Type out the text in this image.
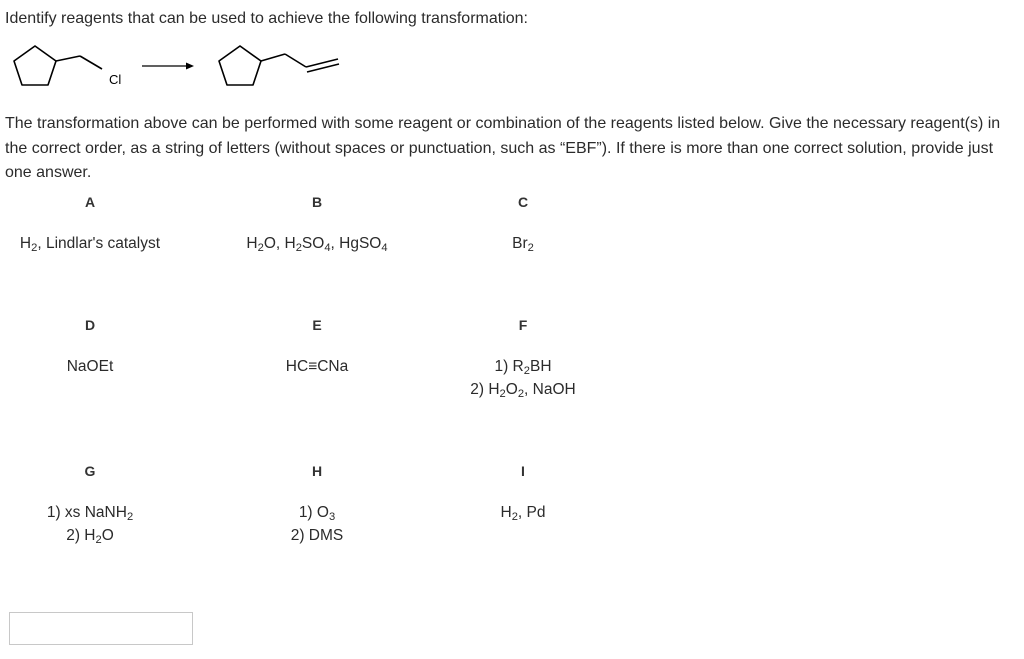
Identify reagents that can be used to achieve the following transformation:
Cl
The transformation above can be performed with some reagent or combination of the reagents listed below. Give the necessary reagent(s) in the correct order, as a string of letters (without spaces or punctuation, such as “EBF”). If there is more than one correct solution, provide just one answer.
A
$H_2$, Lindlar's catalyst
B
$H_2O$, $H_2SO_4$, HgSO$_4$
C
$Br_2$
D
NaOEt
E
HC≡CNa
F
1) $R_2BH$
2) $H_2O_2$, NaOH
G
1) xs NaNH$_2$
2) $H_2O$
H
1) $O_3$
2) DMS
I
$H_2$, Pd
